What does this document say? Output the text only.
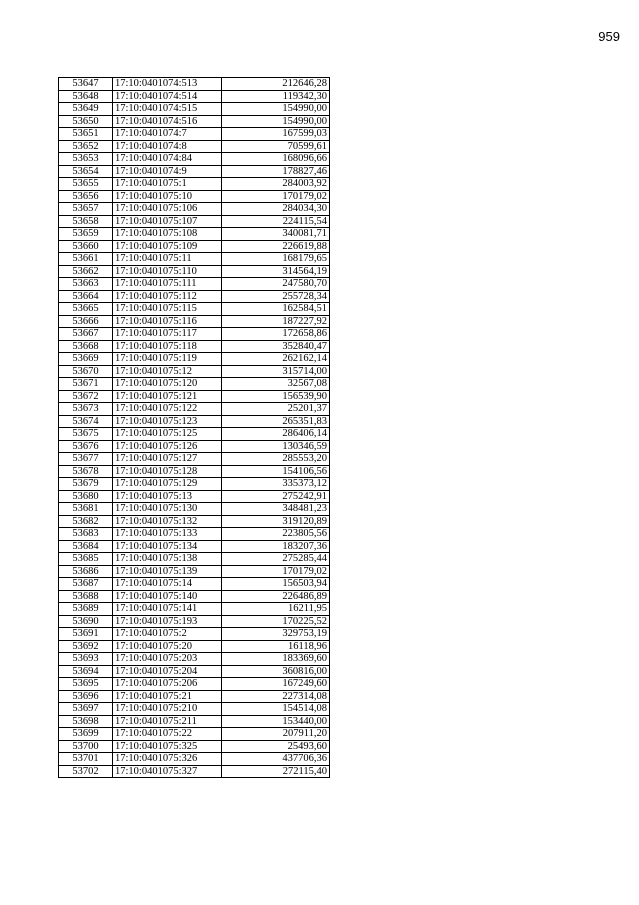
959
53647	17:10:0401074:513	212646,28
53648	17:10:0401074:514	119342,30
53649	17:10:0401074:515	154990,00
53650	17:10:0401074:516	154990,00
53651	17:10:0401074:7	167599,03
53652	17:10:0401074:8	70599,61
53653	17:10:0401074:84	168096,66
53654	17:10:0401074:9	178827,46
53655	17:10:0401075:1	284003,92
53656	17:10:0401075:10	170179,02
53657	17:10:0401075:106	284034,30
53658	17:10:0401075:107	224115,54
53659	17:10:0401075:108	340081,71
53660	17:10:0401075:109	226619,88
53661	17:10:0401075:11	168179,65
53662	17:10:0401075:110	314564,19
53663	17:10:0401075:111	247580,70
53664	17:10:0401075:112	255728,34
53665	17:10:0401075:115	162584,51
53666	17:10:0401075:116	187227,92
53667	17:10:0401075:117	172658,86
53668	17:10:0401075:118	352840,47
53669	17:10:0401075:119	262162,14
53670	17:10:0401075:12	315714,00
53671	17:10:0401075:120	32567,08
53672	17:10:0401075:121	156539,90
53673	17:10:0401075:122	25201,37
53674	17:10:0401075:123	265351,83
53675	17:10:0401075:125	286406,14
53676	17:10:0401075:126	130346,59
53677	17:10:0401075:127	285553,20
53678	17:10:0401075:128	154106,56
53679	17:10:0401075:129	335373,12
53680	17:10:0401075:13	275242,91
53681	17:10:0401075:130	348481,23
53682	17:10:0401075:132	319120,89
53683	17:10:0401075:133	223805,56
53684	17:10:0401075:134	183207,36
53685	17:10:0401075:138	275285,44
53686	17:10:0401075:139	170179,02
53687	17:10:0401075:14	156503,94
53688	17:10:0401075:140	226486,89
53689	17:10:0401075:141	16211,95
53690	17:10:0401075:193	170225,52
53691	17:10:0401075:2	329753,19
53692	17:10:0401075:20	16118,96
53693	17:10:0401075:203	183369,60
53694	17:10:0401075:204	360816,00
53695	17:10:0401075:206	167249,60
53696	17:10:0401075:21	227314,08
53697	17:10:0401075:210	154514,08
53698	17:10:0401075:211	153440,00
53699	17:10:0401075:22	207911,20
53700	17:10:0401075:325	25493,60
53701	17:10:0401075:326	437706,36
53702	17:10:0401075:327	272115,40
